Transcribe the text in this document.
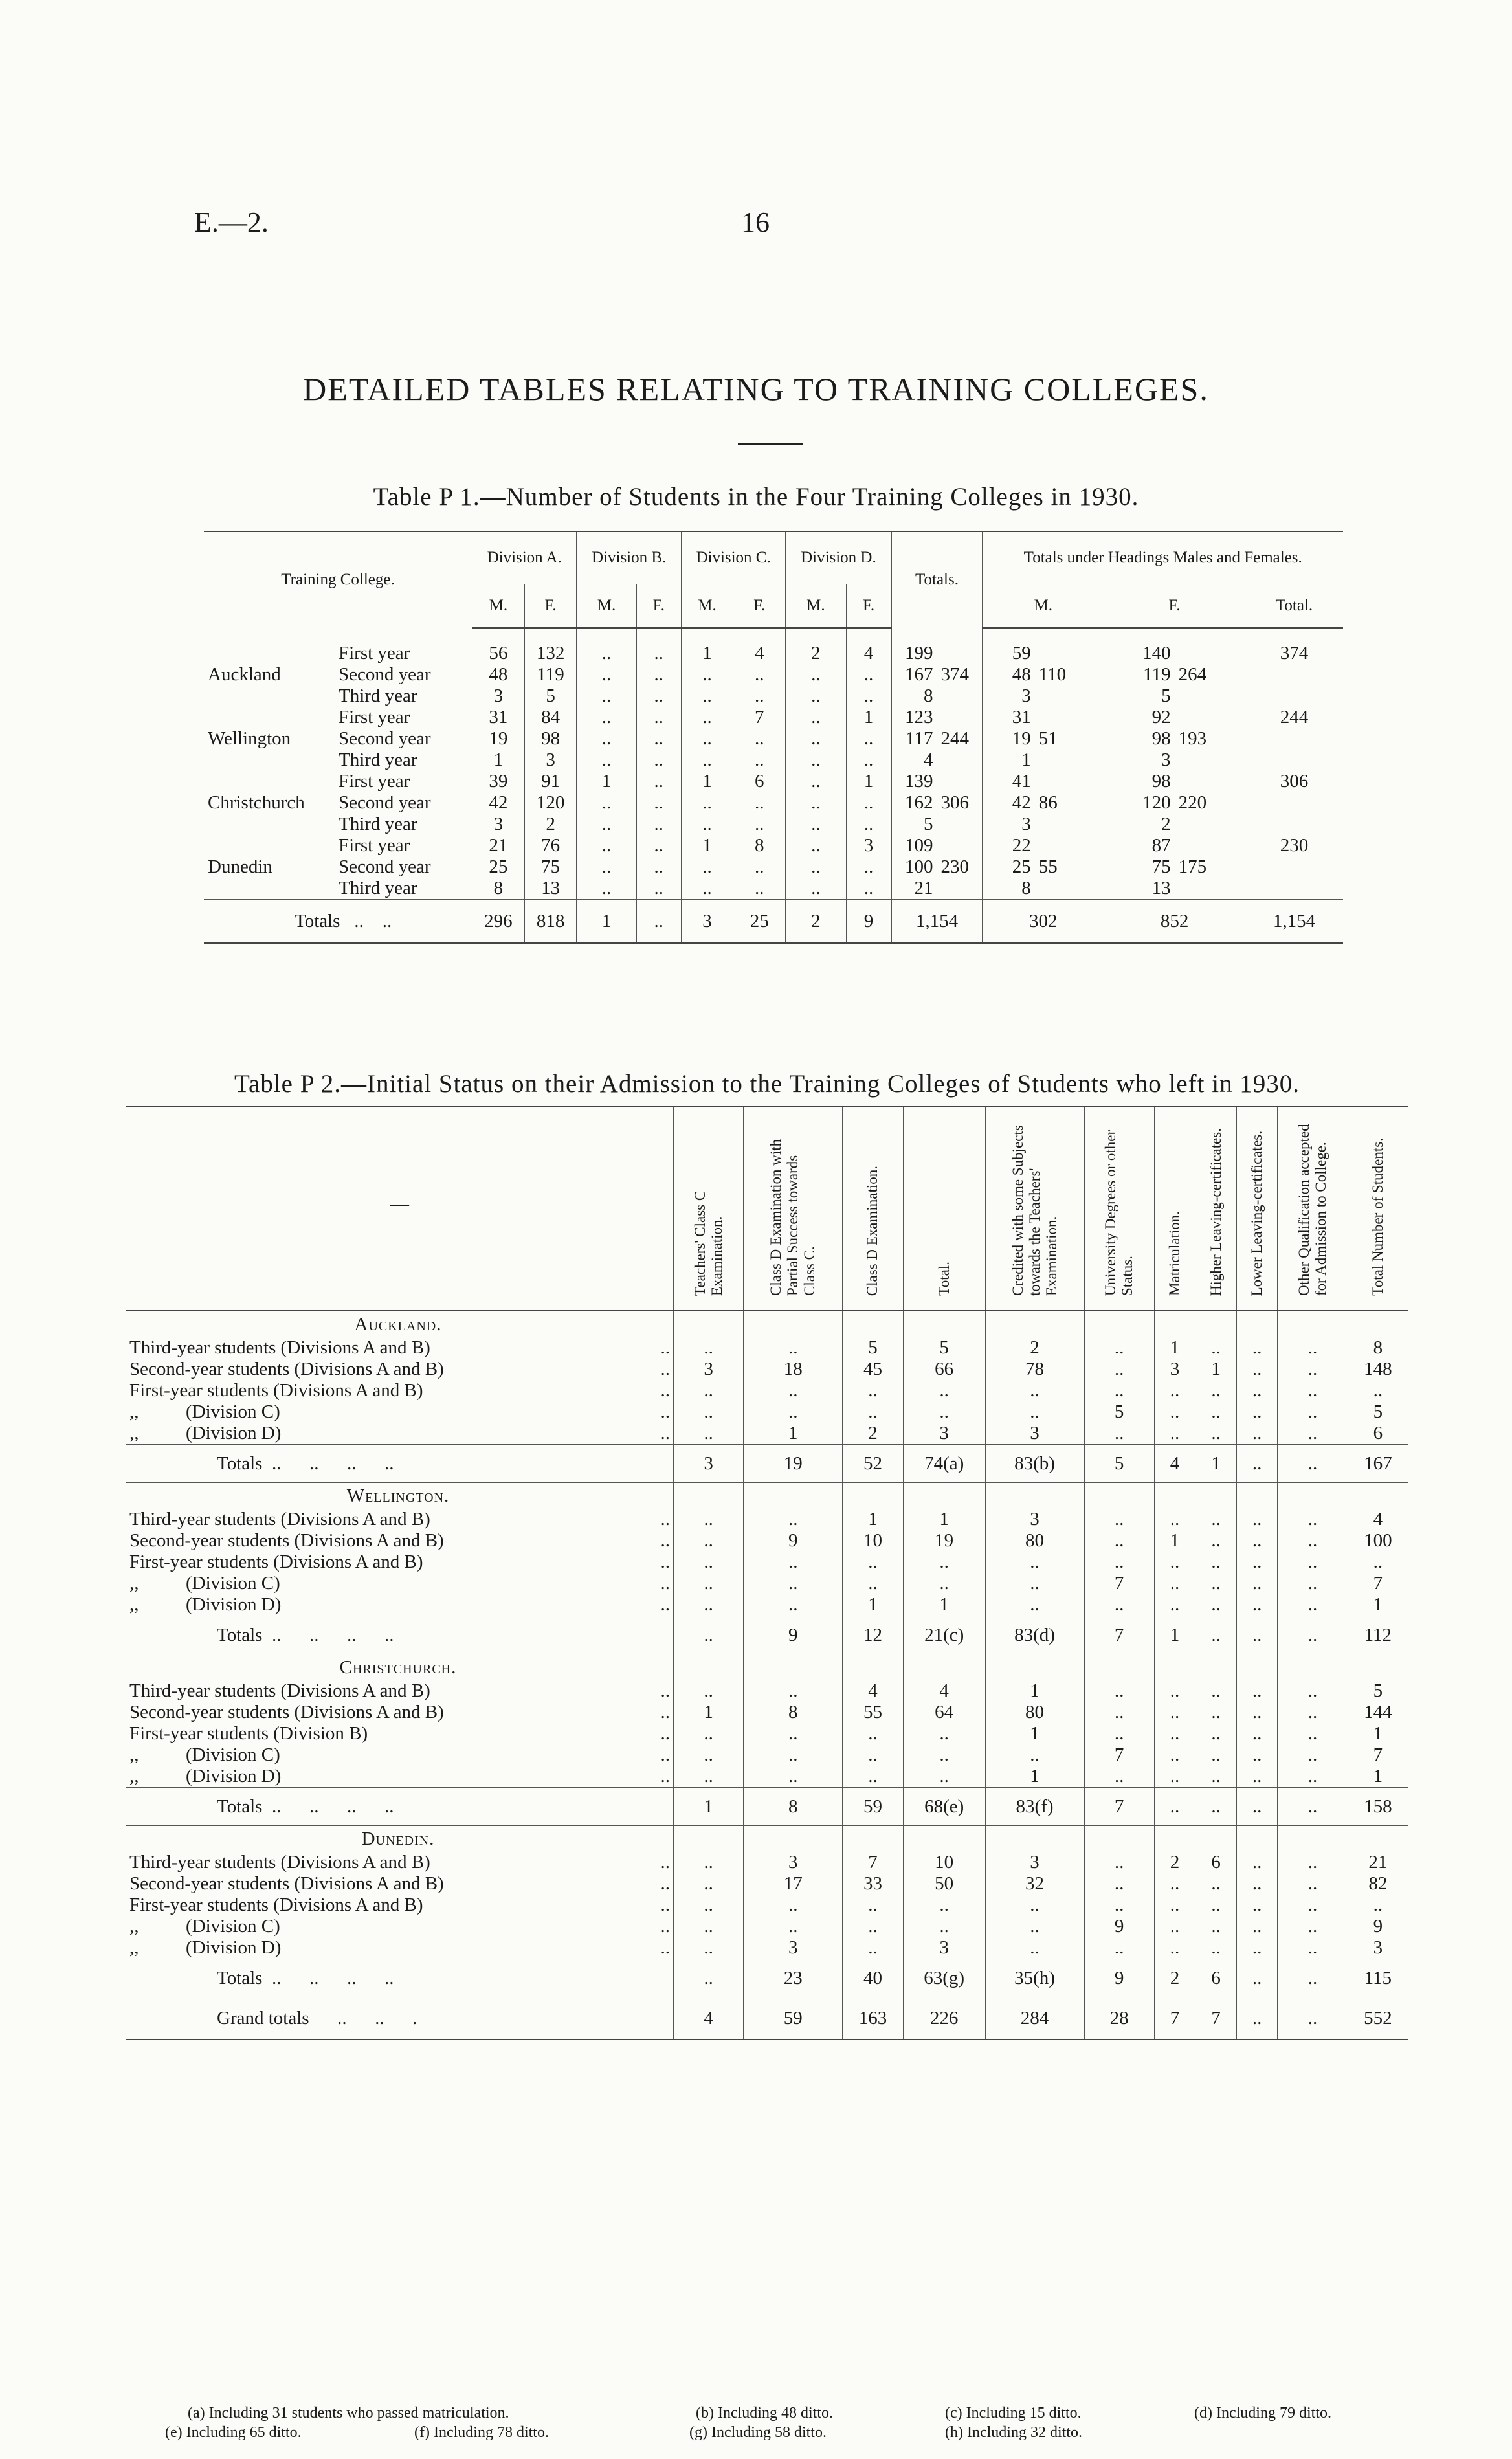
E.—2.	16
DETAILED TABLES RELATING TO TRAINING COLLEGES.
Table P 1.—Number of Students in the Four Training Colleges in 1930.
Training College.		Division A.		Division B.		Division C.		Division D.		Totals.		Totals under Headings Males and Females.				
		M.	F.	M.	F.	M.	F.	M.	F.			M.		F.		Total.

Auckland	First year	56	132	..	..	1	4	2	4	199		59		140		374
	Second year	48	119	..	..	..	..	..	..	167	374	48	110	119	264	
	Third year	3	5	..	..	..	..	..	..	8		3		5		
Wellington	First year	31	84	..	..	..	7	..	1	123		31		92		244
	Second year	19	98	..	..	..	..	..	..	117	244	19	51	98	193	
	Third year	1	3	..	..	..	..	..	..	4		1		3		
Christchurch	First year	39	91	1	..	1	6	..	1	139		41		98		306
	Second year	42	120	..	..	..	..	..	..	162	306	42	86	120	220	
	Third year	3	2	..	..	..	..	..	..	5		3		2		
Dunedin	First year	21	76	..	..	1	8	..	3	109		22		87		230
	Second year	25	75	..	..	..	..	..	..	100	230	25	55	75	175	
	Third year	8	13	..	..	..	..	..	..	21		8		13		
Totals   ..    ..		296	818	1	..	3	25	2	9	1,154		302		852		1,154
Table P 2.—Initial Status on their Admission to the Training Colleges of Students who left in 1930.
—	Teachers' Class C Examination.	Class D Examination with Partial Success towards Class C.	Class D Examination.	Total.	Credited with some Subjects towards the Teachers' Examination.	University Degrees or other Status.	Matriculation.	Higher Leaving-certificates.	Lower Leaving-certificates.	Other Qualification accepted for Admission to College.	Total Number of Students.
Auckland.											
Third-year students (Divisions A and B) ..	..	..	5	5	2	..	1	..	..	..	8
Second-year students (Divisions A and B) ..	3	18	45	66	78	..	3	1	..	..	148
First-year students (Divisions A and B) ..	..	..	..	..	..	..	..	..	..	..	..
,,          (Division C) ..	..	..	..	..	..	5	..	..	..	..	5
,,          (Division D) ..	..	1	2	3	3	..	..	..	..	..	6
Totals  ..      ..      ..      ..	3	19	52	74(a)	83(b)	5	4	1	..	..	167
Wellington.											
Third-year students (Divisions A and B) ..	..	..	1	1	3	..	..	..	..	..	4
Second-year students (Divisions A and B) ..	..	9	10	19	80	..	1	..	..	..	100
First-year students (Divisions A and B) ..	..	..	..	..	..	..	..	..	..	..	..
,,          (Division C) ..	..	..	..	..	..	7	..	..	..	..	7
,,          (Division D) ..	..	..	1	1	..	..	..	..	..	..	1
Totals  ..      ..      ..      ..	..	9	12	21(c)	83(d)	7	1	..	..	..	112
Christchurch.											
Third-year students (Divisions A and B) ..	..	..	4	4	1	..	..	..	..	..	5
Second-year students (Divisions A and B) ..	1	8	55	64	80	..	..	..	..	..	144
First-year students (Division B) ..	..	..	..	..	1	..	..	..	..	..	1
,,          (Division C) ..	..	..	..	..	..	7	..	..	..	..	7
,,          (Division D) ..	..	..	..	..	1	..	..	..	..	..	1
Totals  ..      ..      ..      ..	1	8	59	68(e)	83(f)	7	..	..	..	..	158
Dunedin.											
Third-year students (Divisions A and B) ..	..	3	7	10	3	..	2	6	..	..	21
Second-year students (Divisions A and B) ..	..	17	33	50	32	..	..	..	..	..	82
First-year students (Divisions A and B) ..	..	..	..	..	..	..	..	..	..	..	..
,,          (Division C) ..	..	..	..	..	..	9	..	..	..	..	9
,,          (Division D) ..	..	3	..	3	..	..	..	..	..	..	3
Totals  ..      ..      ..      ..	..	23	40	63(g)	35(h)	9	2	6	..	..	115
Grand totals      ..      ..      .	4	59	163	226	284	28	7	7	..	..	552
(a) Including 31 students who passed matriculation.	(b) Including 48 ditto.	(c) Including 15 ditto.	(d) Including 79 ditto.
(e) Including 65 ditto.	(f) Including 78 ditto.	(g) Including 58 ditto.	(h) Including 32 ditto.
